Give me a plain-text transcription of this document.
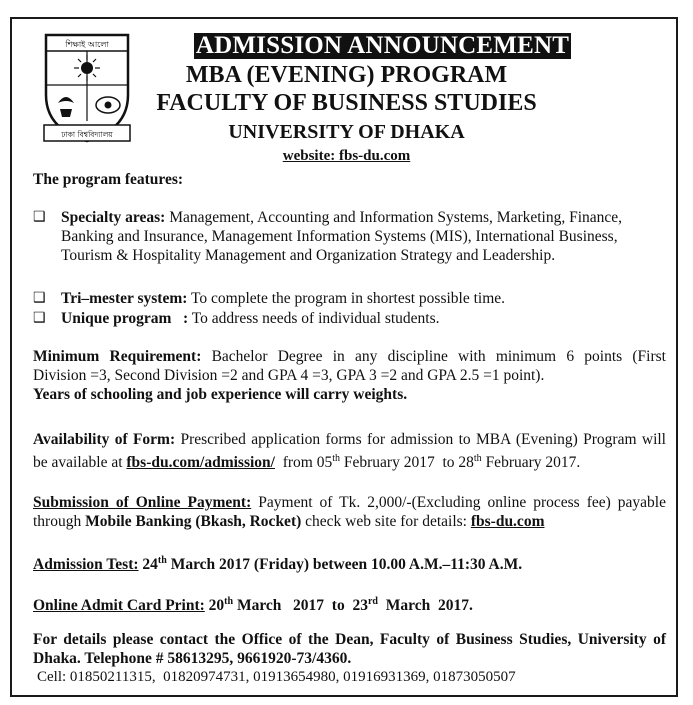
শিক্ষাই আলো
ঢাকা বিশ্ববিদ্যালয়
ADMISSION ANNOUNCEMENT
MBA (EVENING) PROGRAM
FACULTY OF BUSINESS STUDIES
UNIVERSITY OF DHAKA
website: fbs-du.com
The program features:
❑ Specialty areas: Management, Accounting and Information Systems, Marketing, Finance,
Banking and Insurance, Management Information Systems (MIS), International Business,
Tourism & Hospitality Management and Organization Strategy and Leadership.
❑ Tri–mester system: To complete the program in shortest possible time.
❑ Unique program   : To address needs of individual students.
Minimum Requirement: Bachelor Degree in any discipline with minimum 6 points (First
Division =3, Second Division =2 and GPA 4 =3, GPA 3 =2 and GPA 2.5 =1 point).
Years of schooling and job experience will carry weights.
Availability of Form: Prescribed application forms for admission to MBA (Evening) Program will
be available at fbs-du.com/admission/  from 05th February 2017  to 28th February 2017.
Submission of Online Payment: Payment of Tk. 2,000/-(Excluding online process fee) payable
through Mobile Banking (Bkash, Rocket) check web site for details: fbs-du.com
Admission Test: 24th March 2017 (Friday) between 10.00 A.M.–11:30 A.M.
Online Admit Card Print: 20th March   2017  to  23rd  March  2017.
For details please contact the Office of the Dean, Faculty of Business Studies, University of
Dhaka. Telephone # 58613295, 9661920-73/4360.
Cell: 01850211315,  01820974731, 01913654980, 01916931369, 01873050507
